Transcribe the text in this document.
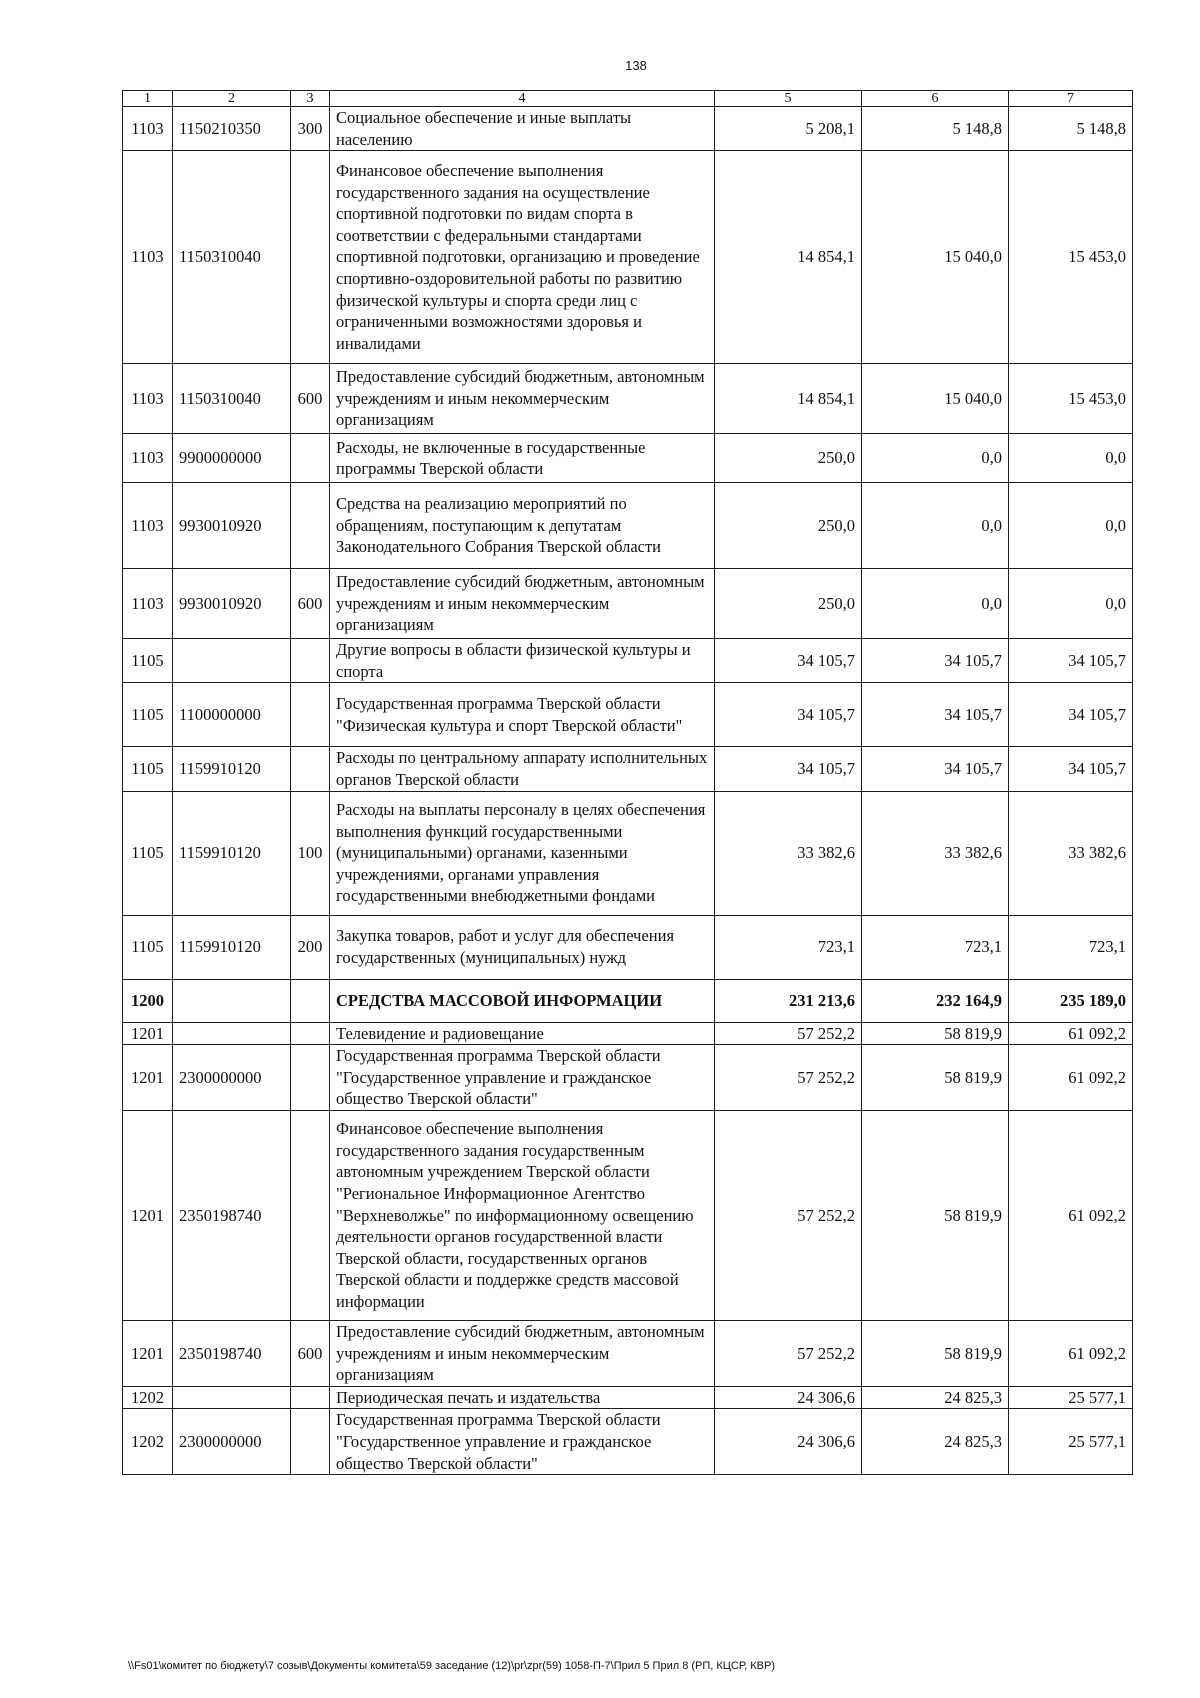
138
1	2	3	4	5	6	7
1103	1150210350	300	Социальное обеспечение и иные выплаты населению	5 208,1	5 148,8	5 148,8
1103	1150310040		Финансовое обеспечение выполнения государственного задания на осуществление спортивной подготовки по видам спорта в соответствии с федеральными стандартами спортивной подготовки, организацию и проведение спортивно-оздоровительной работы по развитию физической культуры и спорта среди лиц с ограниченными возможностями здоровья и инвалидами	14 854,1	15 040,0	15 453,0
1103	1150310040	600	Предоставление субсидий бюджетным, автономным учреждениям и иным некоммерческим организациям	14 854,1	15 040,0	15 453,0
1103	9900000000		Расходы, не включенные в государственные программы Тверской области	250,0	0,0	0,0
1103	9930010920		Средства на реализацию мероприятий по обращениям, поступающим к депутатам Законодательного Собрания Тверской области	250,0	0,0	0,0
1103	9930010920	600	Предоставление субсидий бюджетным, автономным учреждениям и иным некоммерческим организациям	250,0	0,0	0,0
1105			Другие вопросы в области физической культуры и спорта	34 105,7	34 105,7	34 105,7
1105	1100000000		Государственная программа Тверской области "Физическая культура и спорт Тверской области"	34 105,7	34 105,7	34 105,7
1105	1159910120		Расходы по центральному аппарату исполнительных органов Тверской области	34 105,7	34 105,7	34 105,7
1105	1159910120	100	Расходы на выплаты персоналу в целях обеспечения выполнения функций государственными (муниципальными) органами, казенными учреждениями, органами управления государственными внебюджетными фондами	33 382,6	33 382,6	33 382,6
1105	1159910120	200	Закупка товаров, работ и услуг для обеспечения государственных (муниципальных) нужд	723,1	723,1	723,1
1200			СРЕДСТВА МАССОВОЙ ИНФОРМАЦИИ	231 213,6	232 164,9	235 189,0
1201			Телевидение и радиовещание	57 252,2	58 819,9	61 092,2
1201	2300000000		Государственная программа Тверской области "Государственное управление и гражданское общество Тверской области"	57 252,2	58 819,9	61 092,2
1201	2350198740		Финансовое обеспечение выполнения государственного задания государственным автономным учреждением Тверской области "Региональное Информационное Агентство "Верхневолжье" по информационному освещению деятельности органов государственной власти Тверской области, государственных органов Тверской области и поддержке средств массовой информации	57 252,2	58 819,9	61 092,2
1201	2350198740	600	Предоставление субсидий бюджетным, автономным учреждениям и иным некоммерческим организациям	57 252,2	58 819,9	61 092,2
1202			Периодическая печать и издательства	24 306,6	24 825,3	25 577,1
1202	2300000000		Государственная программа Тверской области "Государственное управление и гражданское общество Тверской области"	24 306,6	24 825,3	25 577,1
\\Fs01\комитет по бюджету\7 созыв\Документы комитета\59 заседание (12)\pr\zpr(59) 1058-П-7\Прил 5 Прил 8 (РП, КЦСР, КВР)
